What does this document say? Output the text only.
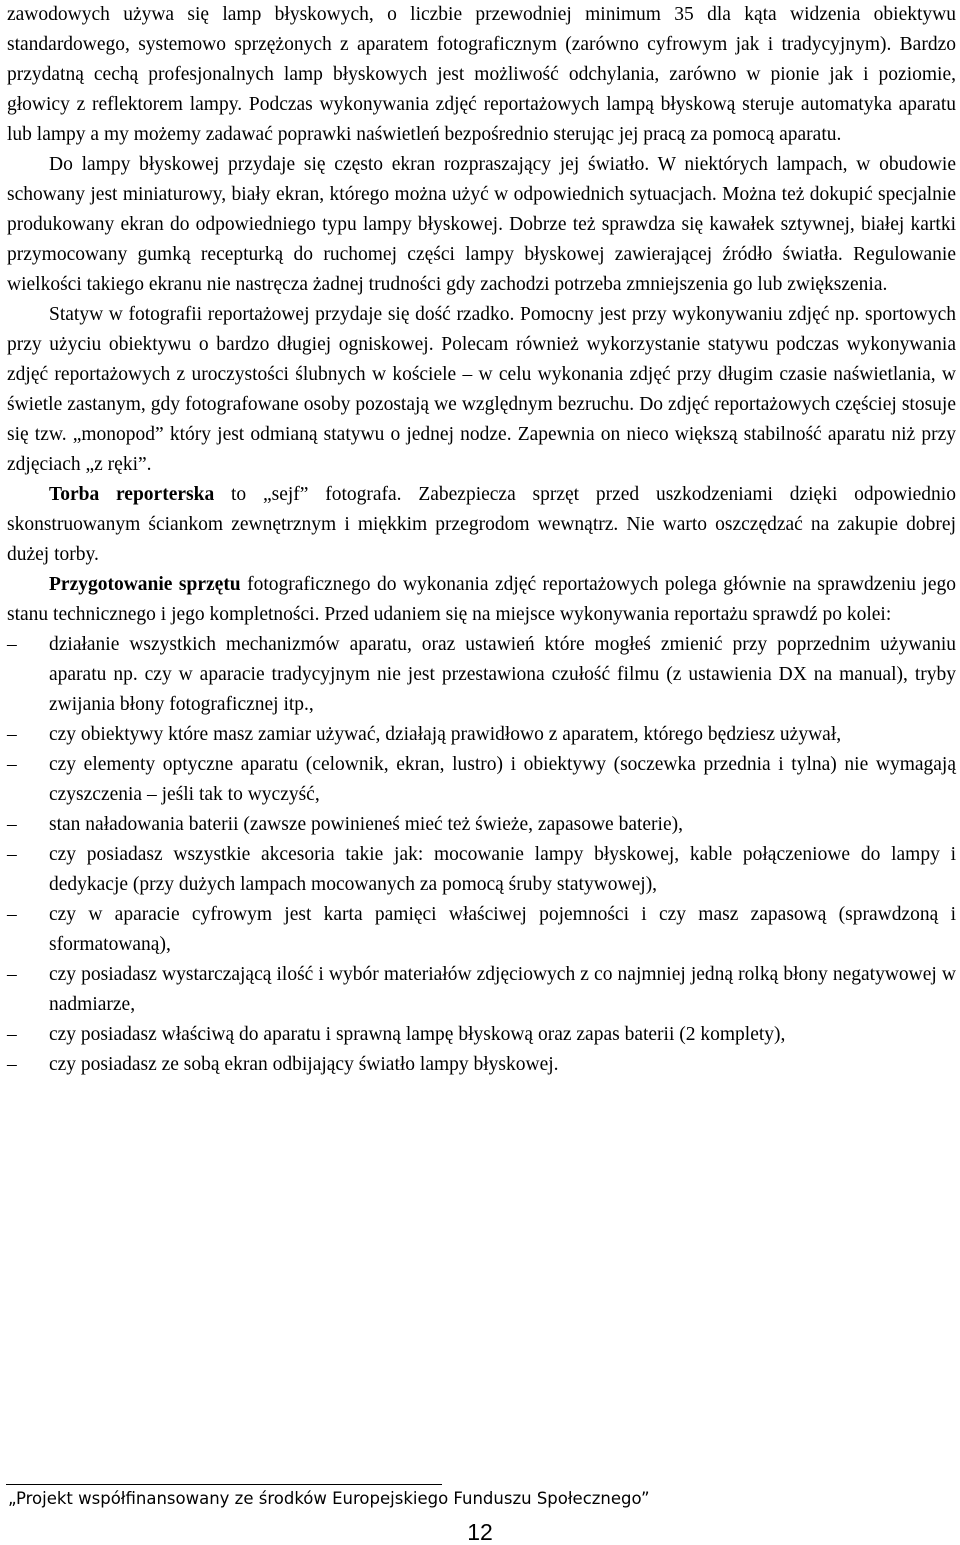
zawodowych używa się lamp błyskowych, o liczbie przewodniej minimum 35 dla kąta widzenia obiektywu standardowego, systemowo sprzężonych z aparatem fotograficznym (zarówno cyfrowym jak i tradycyjnym). Bardzo przydatną cechą profesjonalnych lamp błyskowych jest możliwość odchylania, zarówno w pionie jak i poziomie, głowicy z reflektorem lampy. Podczas wykonywania zdjęć reportażowych lampą błyskową steruje automatyka aparatu lub lampy a my możemy zadawać poprawki naświetleń bezpośrednio sterując jej pracą za pomocą aparatu.

Do lampy błyskowej przydaje się często ekran rozpraszający jej światło. W niektórych lampach, w obudowie schowany jest miniaturowy, biały ekran, którego można użyć w odpowiednich sytuacjach. Można też dokupić specjalnie produkowany ekran do odpowiedniego typu lampy błyskowej. Dobrze też sprawdza się kawałek sztywnej, białej kartki przymocowany gumką recepturką do ruchomej części lampy błyskowej zawierającej źródło światła. Regulowanie wielkości takiego ekranu nie nastręcza żadnej trudności gdy zachodzi potrzeba zmniejszenia go lub zwiększenia.

Statyw w fotografii reportażowej przydaje się dość rzadko. Pomocny jest przy wykonywaniu zdjęć np. sportowych przy użyciu obiektywu o bardzo długiej ogniskowej. Polecam również wykorzystanie statywu podczas wykonywania zdjęć reportażowych z uroczystości ślubnych w kościele – w celu wykonania zdjęć przy długim czasie naświetlania, w świetle zastanym, gdy fotografowane osoby pozostają we względnym bezruchu. Do zdjęć reportażowych częściej stosuje się tzw. „monopod” który jest odmianą statywu o jednej nodze. Zapewnia on nieco większą stabilność aparatu niż przy zdjęciach „z ręki”.

Torba reporterska to „sejf” fotografa. Zabezpiecza sprzęt przed uszkodzeniami dzięki odpowiednio skonstruowanym ściankom zewnętrznym i miękkim przegrodom wewnątrz. Nie warto oszczędzać na zakupie dobrej dużej torby.

Przygotowanie sprzętu fotograficznego do wykonania zdjęć reportażowych polega głównie na sprawdzeniu jego stanu technicznego i jego kompletności. Przed udaniem się na miejsce wykonywania reportażu sprawdź po kolei:

–	działanie wszystkich mechanizmów aparatu, oraz ustawień które mogłeś zmienić przy poprzednim używaniu aparatu np. czy w aparacie tradycyjnym nie jest przestawiona czułość filmu (z ustawienia DX na manual), tryby zwijania błony fotograficznej itp.,
–	czy obiektywy które masz zamiar używać, działają prawidłowo z aparatem, którego będziesz używał,
–	czy elementy optyczne aparatu (celownik, ekran, lustro) i obiektywy (soczewka przednia i tylna) nie wymagają czyszczenia – jeśli tak to wyczyść,
–	stan naładowania baterii (zawsze powinieneś mieć też świeże, zapasowe baterie),
–	czy posiadasz wszystkie akcesoria takie jak: mocowanie lampy błyskowej, kable połączeniowe do lampy i dedykacje (przy dużych lampach mocowanych za pomocą śruby statywowej),
–	czy w aparacie cyfrowym jest karta pamięci właściwej pojemności i czy masz zapasową (sprawdzoną i sformatowaną),
–	czy posiadasz wystarczającą ilość i wybór materiałów zdjęciowych z co najmniej jedną rolką błony negatywowej w nadmiarze,
–	czy posiadasz właściwą do aparatu i sprawną lampę błyskową oraz zapas baterii (2 komplety),
–	czy posiadasz ze sobą ekran odbijający światło lampy błyskowej.
„Projekt współfinansowany ze środków Europejskiego Funduszu Społecznego”
12
